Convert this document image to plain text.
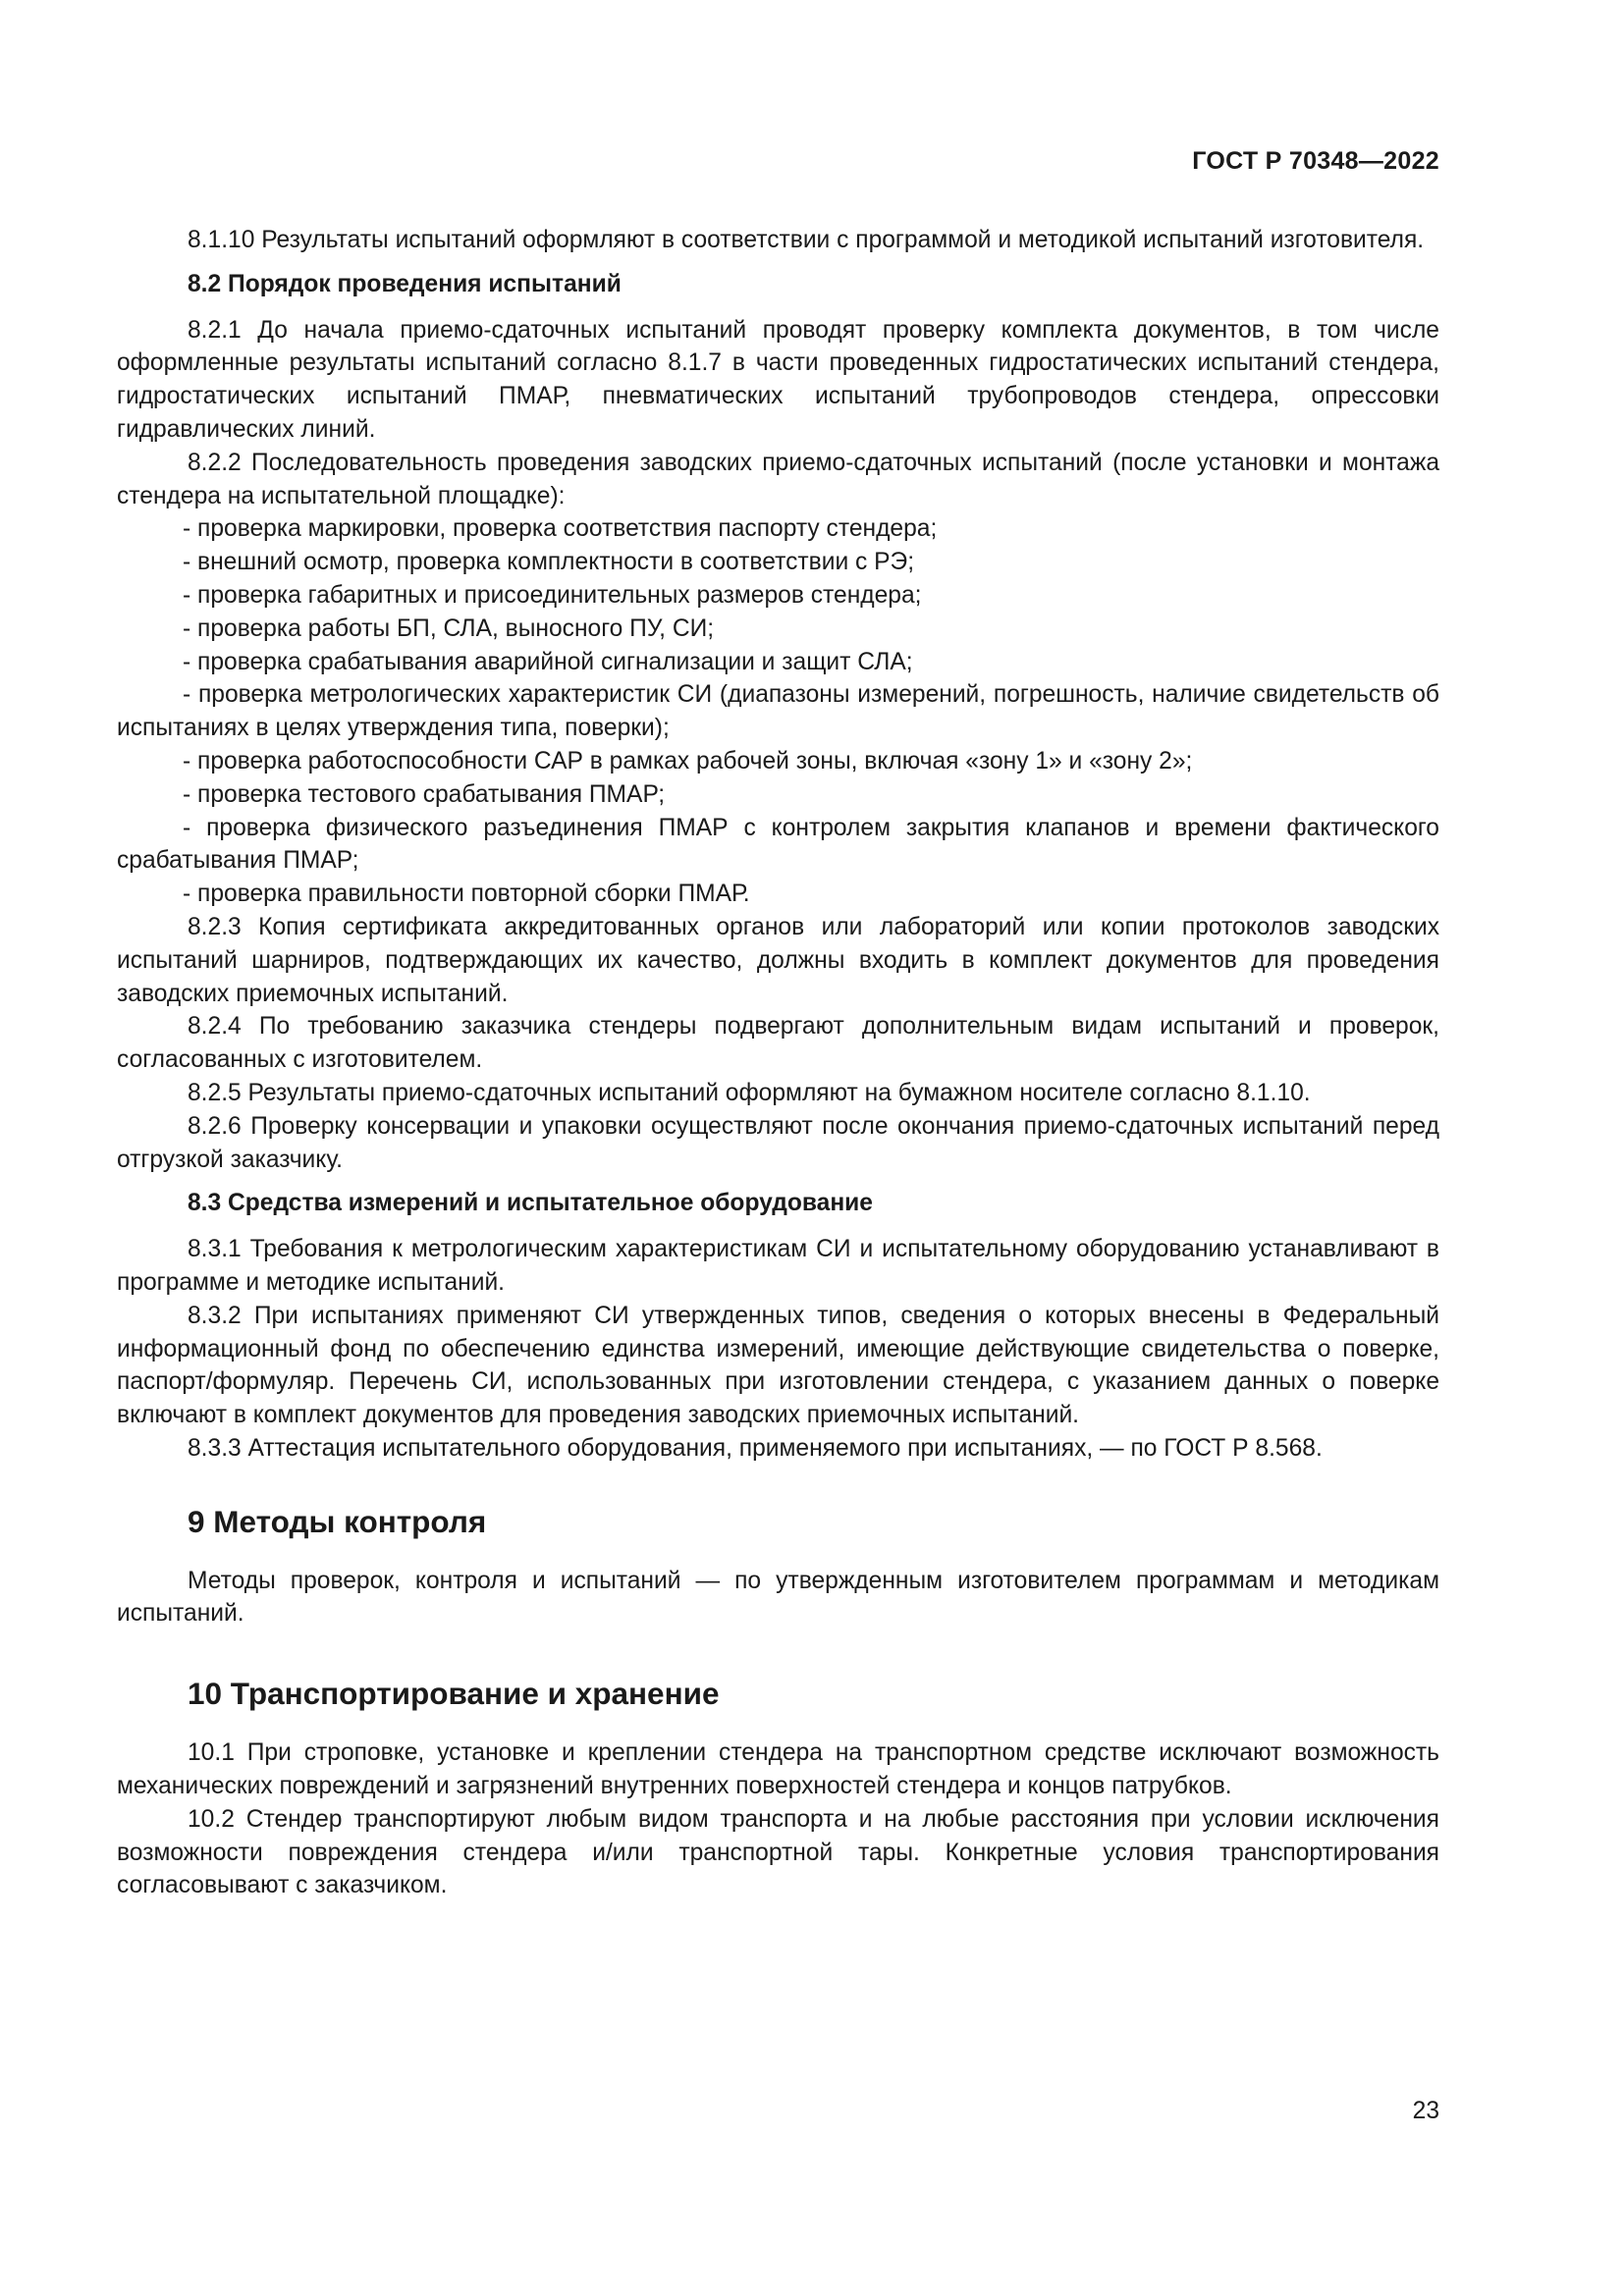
ГОСТ Р 70348—2022

8.1.10 Результаты испытаний оформляют в соответствии с программой и методикой испытаний изготовителя.

8.2 Порядок проведения испытаний

8.2.1 До начала приемо-сдаточных испытаний проводят проверку комплекта документов, в том числе оформленные результаты испытаний согласно 8.1.7 в части проведенных гидростатических испытаний стендера, гидростатических испытаний ПМАР, пневматических испытаний трубопроводов стендера, опрессовки гидравлических линий.

8.2.2 Последовательность проведения заводских приемо-сдаточных испытаний (после установки и монтажа стендера на испытательной площадке):

- проверка маркировки, проверка соответствия паспорту стендера;

- внешний осмотр, проверка комплектности в соответствии с РЭ;

- проверка габаритных и присоединительных размеров стендера;

- проверка работы БП, СЛА, выносного ПУ, СИ;

- проверка срабатывания аварийной сигнализации и защит СЛА;

- проверка метрологических характеристик СИ (диапазоны измерений, погрешность, наличие свидетельств об испытаниях в целях утверждения типа, поверки);

- проверка работоспособности САР в рамках рабочей зоны, включая «зону 1» и «зону 2»;

- проверка тестового срабатывания ПМАР;

- проверка физического разъединения ПМАР с контролем закрытия клапанов и времени фактического срабатывания ПМАР;

- проверка правильности повторной сборки ПМАР.

8.2.3 Копия сертификата аккредитованных органов или лабораторий или копии протоколов заводских испытаний шарниров, подтверждающих их качество, должны входить в комплект документов для проведения заводских приемочных испытаний.

8.2.4 По требованию заказчика стендеры подвергают дополнительным видам испытаний и проверок, согласованных с изготовителем.

8.2.5 Результаты приемо-сдаточных испытаний оформляют на бумажном носителе согласно 8.1.10.

8.2.6 Проверку консервации и упаковки осуществляют после окончания приемо-сдаточных испытаний перед отгрузкой заказчику.

8.3 Средства измерений и испытательное оборудование

8.3.1 Требования к метрологическим характеристикам СИ и испытательному оборудованию устанавливают в программе и методике испытаний.

8.3.2 При испытаниях применяют СИ утвержденных типов, сведения о которых внесены в Федеральный информационный фонд по обеспечению единства измерений, имеющие действующие свидетельства о поверке, паспорт/формуляр. Перечень СИ, использованных при изготовлении стендера, с указанием данных о поверке включают в комплект документов для проведения заводских приемочных испытаний.

8.3.3 Аттестация испытательного оборудования, применяемого при испытаниях, — по ГОСТ Р 8.568.

9 Методы контроля

Методы проверок, контроля и испытаний — по утвержденным изготовителем программам и методикам испытаний.

10 Транспортирование и хранение

10.1 При строповке, установке и креплении стендера на транспортном средстве исключают возможность механических повреждений и загрязнений внутренних поверхностей стендера и концов патрубков.

10.2 Стендер транспортируют любым видом транспорта и на любые расстояния при условии исключения возможности повреждения стендера и/или транспортной тары. Конкретные условия транспортирования согласовывают с заказчиком.

23
